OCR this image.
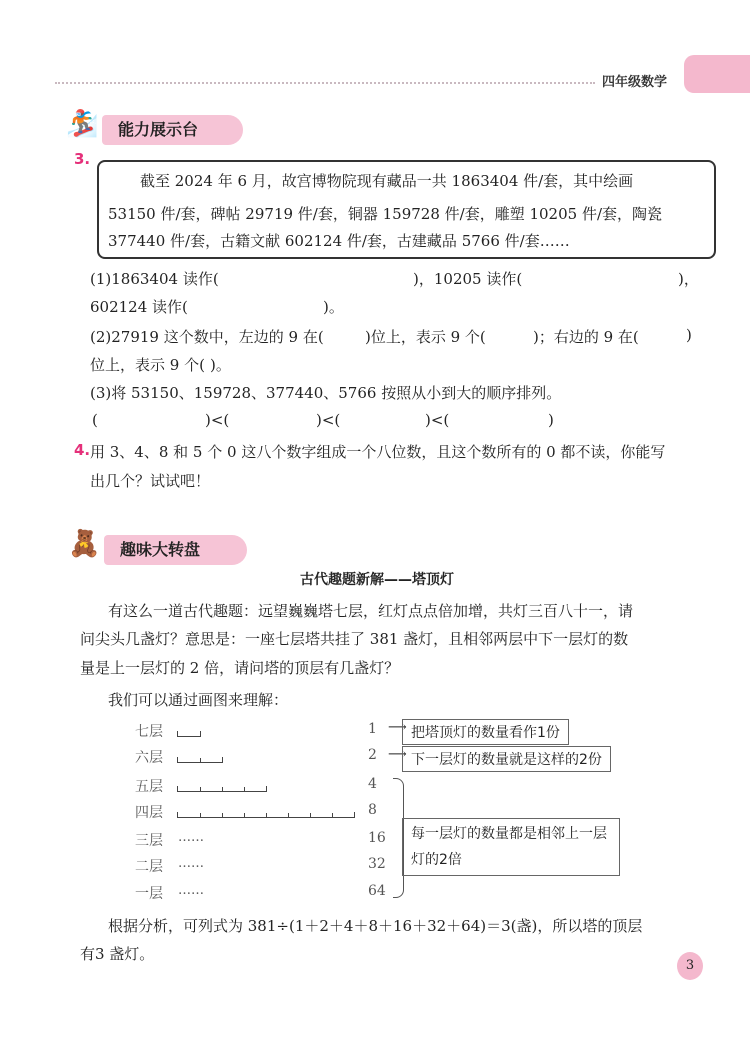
四年级数学
🏂	能力展示台
3.
截至 2024 年 6 月，故宫博物院现有藏品一共 1863404 件/套，其中绘画
53150 件/套，碑帖 29719 件/套，铜器 159728 件/套，雕塑 10205 件/套，陶瓷
377440 件/套，古籍文献 602124 件/套，古建藏品 5766 件/套……
(1)1863404 读作(	)，10205 读作(	)，
602124 读作(	)。
(2)27919 这个数中，左边的 9 在(	)位上，表示 9 个(	)；右边的 9 在(	)
位上，表示 9 个( )。
(3)将 53150、159728、377440、5766 按照从小到大的顺序排列。
(	)<(	)<(	)<(	)
4. 用 3、4、8 和 5 个 0 这八个数字组成一个八位数，且这个数所有的 0 都不读，你能写
出几个？试试吧！
🧸	趣味大转盘
古代趣题新解——塔顶灯
有这么一道古代趣题：远望巍巍塔七层，红灯点点倍加增，共灯三百八十一，请
问尖头几盏灯？意思是：一座七层塔共挂了 381 盏灯，且相邻两层中下一层灯的数
量是上一层灯的 2 倍，请问塔的顶层有几盏灯？
我们可以通过画图来理解：
七层	1
六层	2
五层	4
四层	8
三层 ……	16
二层 ……	32
一层 ……	64
⟶
⟶
把塔顶灯的数量看作1份
下一层灯的数量就是这样的2份
每一层灯的数量都是相邻上一层
灯的2倍
根据分析，可列式为 381÷(1＋2＋4＋8＋16＋32＋64)＝3(盏)，所以塔的顶层
有3 盏灯。
3
